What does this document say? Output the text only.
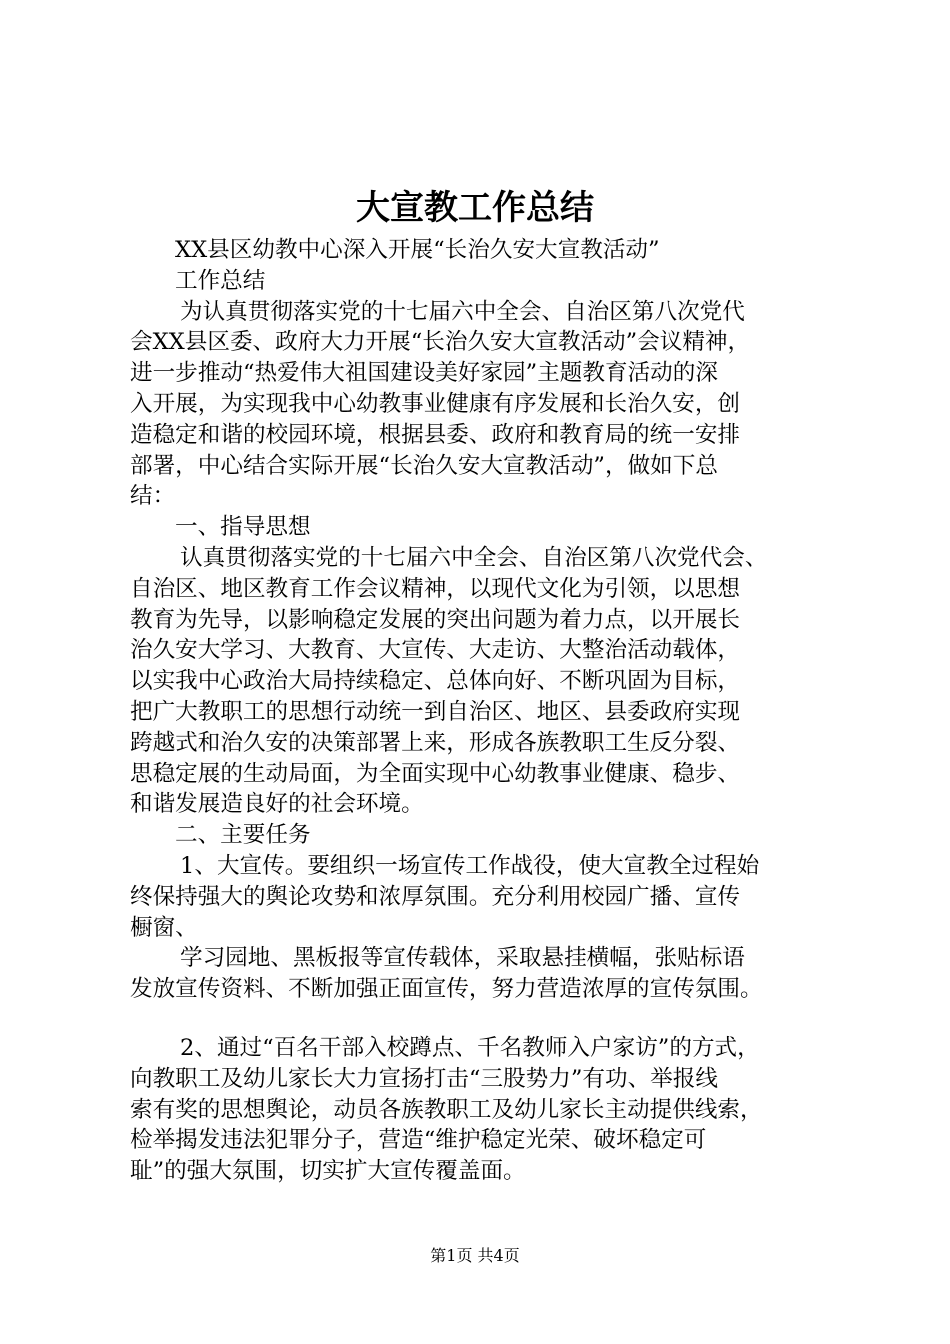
大宣教工作总结
XX县区幼教中心深入开展“长治久安大宣教活动”
工作总结
为认真贯彻落实党的十七届六中全会、自治区第八次党代
会XX县区委、政府大力开展“长治久安大宣教活动”会议精神，
进一步推动“热爱伟大祖国建设美好家园”主题教育活动的深
入开展，为实现我中心幼教事业健康有序发展和长治久安，创
造稳定和谐的校园环境，根据县委、政府和教育局的统一安排
部署，中心结合实际开展“长治久安大宣教活动”，做如下总
结：
一、指导思想
认真贯彻落实党的十七届六中全会、自治区第八次党代会、
自治区、地区教育工作会议精神，以现代文化为引领，以思想
教育为先导，以影响稳定发展的突出问题为着力点，以开展长
治久安大学习、大教育、大宣传、大走访、大整治活动载体，
以实我中心政治大局持续稳定、总体向好、不断巩固为目标，
把广大教职工的思想行动统一到自治区、地区、县委政府实现
跨越式和治久安的决策部署上来，形成各族教职工生反分裂、
思稳定展的生动局面，为全面实现中心幼教事业健康、稳步、
和谐发展造良好的社会环境。
二、主要任务
1、大宣传。要组织一场宣传工作战役，使大宣教全过程始
终保持强大的舆论攻势和浓厚氛围。充分利用校园广播、宣传
橱窗、
学习园地、黑板报等宣传载体，采取悬挂横幅，张贴标语
发放宣传资料、不断加强正面宣传，努力营造浓厚的宣传氛围。
2、通过“百名干部入校蹲点、千名教师入户家访”的方式，
向教职工及幼儿家长大力宣扬打击“三股势力”有功、举报线
索有奖的思想舆论，动员各族教职工及幼儿家长主动提供线索，
检举揭发违法犯罪分子，营造“维护稳定光荣、破坏稳定可
耻”的强大氛围，切实扩大宣传覆盖面。
第1页 共4页
